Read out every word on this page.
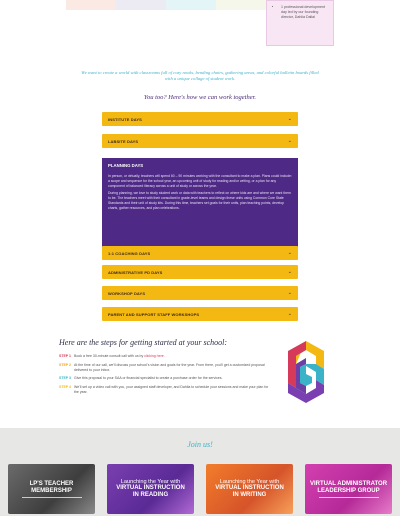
• 1 professional development day led by our founding director, Dahlia Dallal
We want to create a world with classrooms full of cozy nooks, bending chairs, gathering areas, and colorful bulletin boards filled with a unique collage of student work.
You too? Here's how we can work together.
INSTITUTE DAYS	⌄
LABSITE DAYS	⌄
PLANNING DAYS

In person, or virtually, teachers will spend 60 – 90 minutes working with the consultant to make a plan. Plans could include: a scope and sequence for the school year, an upcoming unit of study for reading and/or writing, or a plan for any component of balanced literacy across a unit of study or across the year.

During planning, we love to study student work or data with teachers to reflect on where kids are and where we want them to be. The teachers meet with their consultant in grade-level teams and design these units using Common Core State Standards and their unit of study kits. During this time, teachers set goals for their units, plan teaching points, develop charts, gather resources, and plan celebrations.

1:1 COACHING DAYS	⌄
ADMINISTRATIVE PD DAYS	⌄
WORKSHOP DAYS	⌄
PARENT AND SUPPORT STAFF WORKSHOPS	⌄
Here are the steps for getting started at your school:
STEP 1 Book a free 30-minute consult call with us by clicking here.
STEP 2 At the time of our call, we'll discuss your school's vision and goals for the year. From there, you'll get a customized proposal delivered to your inbox.
STEP 3 Give this proposal to your SAA or financial specialist to create a purchase order for the services.
STEP 4 We'll set up a video call with you, your assigned staff developer, and Dahlia to schedule your sessions and make your plan for the year.
Join us!
LP'S TEACHER
MEMBERSHIP
Launching the Year with
VIRTUAL INSTRUCTION
IN READING
Launching the Year with
VIRTUAL INSTRUCTION
IN WRITING
VIRTUAL ADMINISTRATOR
LEADERSHIP GROUP
